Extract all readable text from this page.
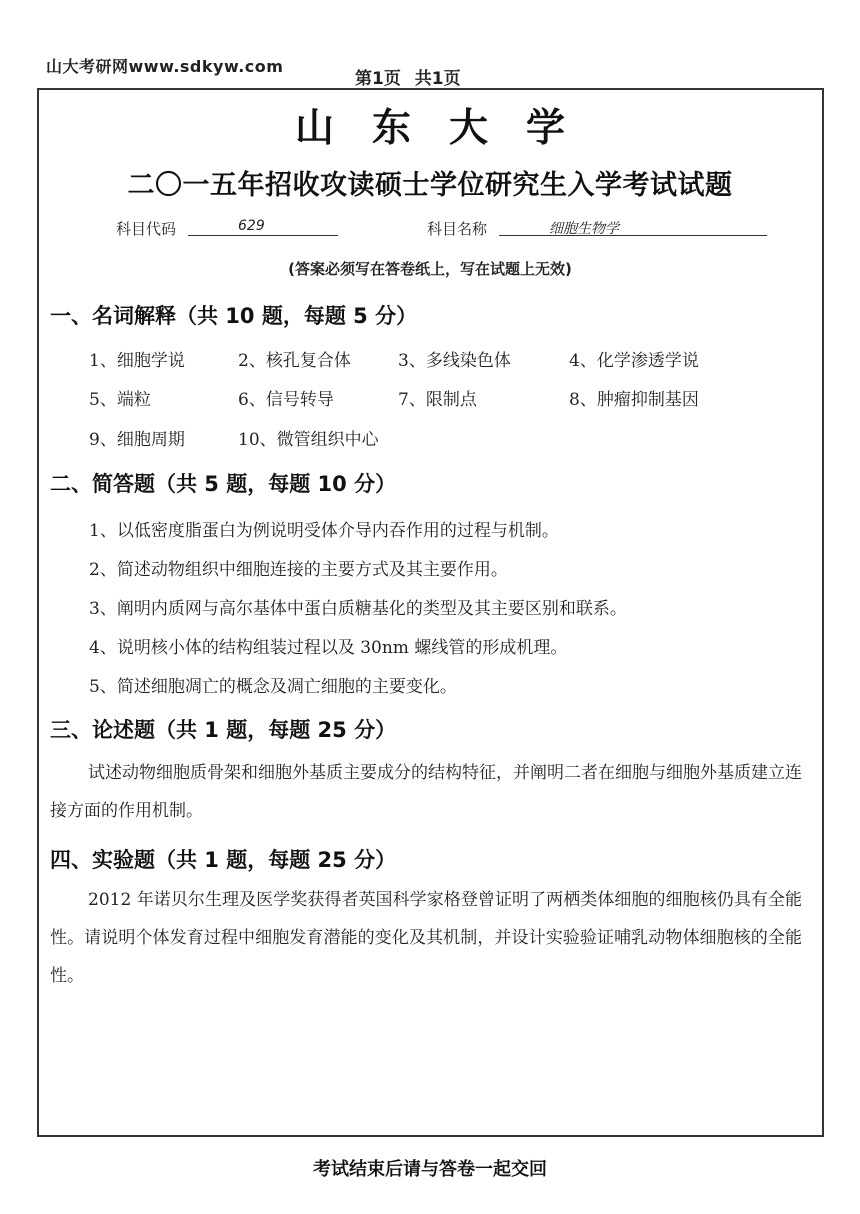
山大考研网www.sdkyw.com
第1页 共1页
山东大学
二〇一五年招收攻读硕士学位研究生入学考试试题
科目代码	629	科目名称	细胞生物学
(答案必须写在答卷纸上，写在试题上无效)
一、名词解释（共 10 题，每题 5 分）
1、细胞学说	2、核孔复合体	3、多线染色体	4、化学渗透学说
5、端粒	6、信号转导	7、限制点	8、肿瘤抑制基因
9、细胞周期	10、微管组织中心
二、简答题（共 5 题，每题 10 分）
1、以低密度脂蛋白为例说明受体介导内吞作用的过程与机制。
2、简述动物组织中细胞连接的主要方式及其主要作用。
3、阐明内质网与高尔基体中蛋白质糖基化的类型及其主要区别和联系。
4、说明核小体的结构组装过程以及 30nm 螺线管的形成机理。
5、简述细胞凋亡的概念及凋亡细胞的主要变化。
三、论述题（共 1 题，每题 25 分）

试述动物细胞质骨架和细胞外基质主要成分的结构特征，并阐明二者在细胞与细胞外基质建立连接方面的作用机制。

四、实验题（共 1 题，每题 25 分）

2012 年诺贝尔生理及医学奖获得者英国科学家格登曾证明了两栖类体细胞的细胞核仍具有全能性。请说明个体发育过程中细胞发育潜能的变化及其机制，并设计实验验证哺乳动物体细胞核的全能性。

考试结束后请与答卷一起交回
